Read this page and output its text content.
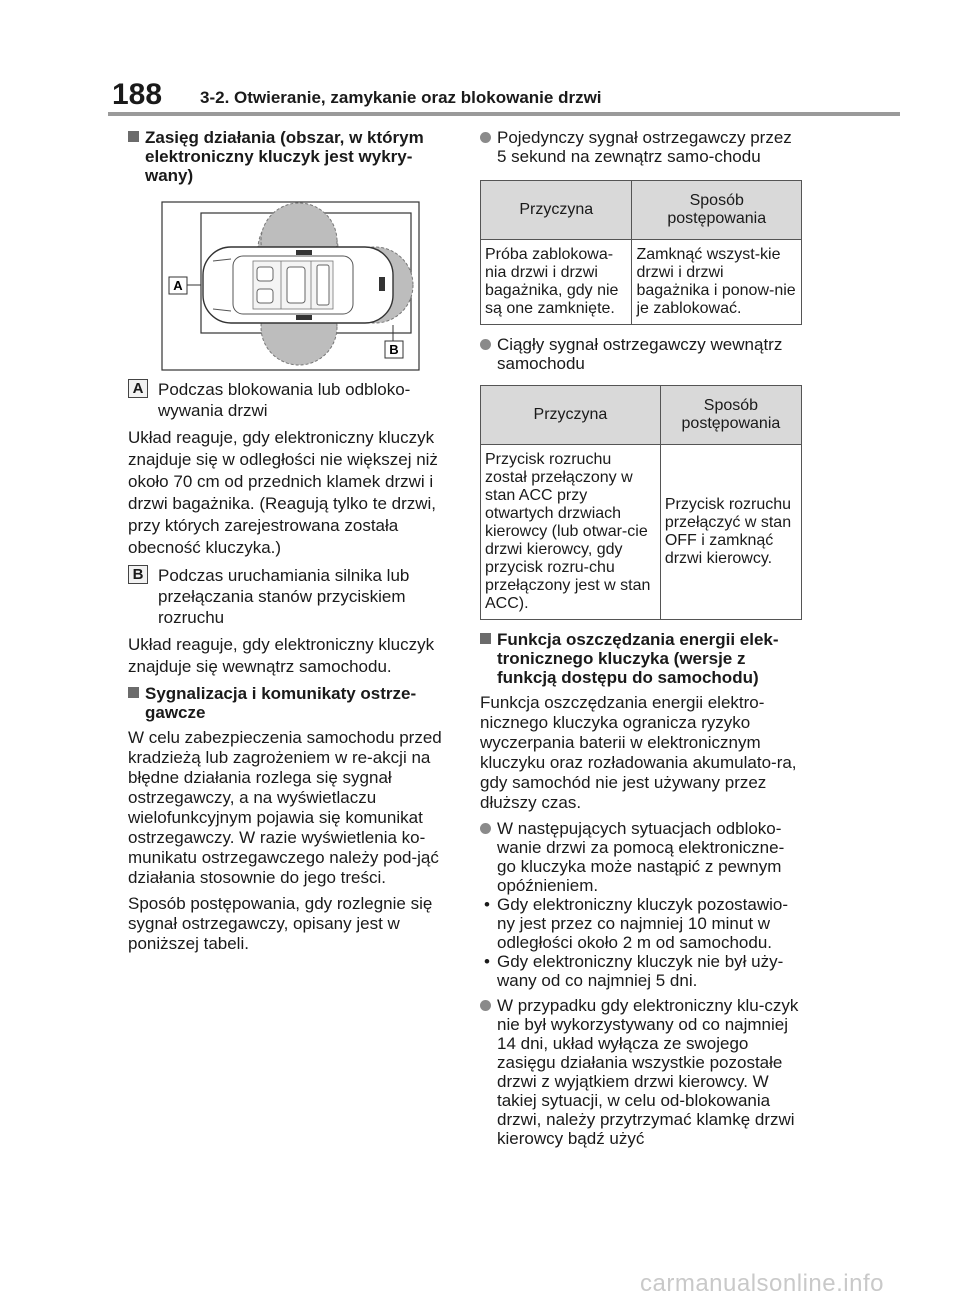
188 3-2. Otwieranie, zamykanie oraz blokowanie drzwi
Zasięg działania (obszar, w którym elektroniczny kluczyk jest wykry-wany)
A
B
A Podczas blokowania lub odbloko-wywania drzwi

Układ reaguje, gdy elektroniczny kluczyk znajduje się w odległości nie większej niż około 70 cm od przednich klamek drzwi i drzwi bagażnika. (Reagują tylko te drzwi, przy których zarejestrowana została obecność kluczyka.)

B Podczas uruchamiania silnika lub przełączania stanów przyciskiem rozruchu

Układ reaguje, gdy elektroniczny kluczyk znajduje się wewnątrz samochodu.

Sygnalizacja i komunikaty ostrze-gawcze

W celu zabezpieczenia samochodu przed kradzieżą lub zagrożeniem w re-akcji na błędne działania rozlega się sygnał ostrzegawczy, a na wyświetlaczu wielofunkcyjnym pojawia się komunikat ostrzegawczy. W razie wyświetlenia ko-munikatu ostrzegawczego należy pod-jąć działania stosownie do jego treści.

Sposób postępowania, gdy rozlegnie się sygnał ostrzegawczy, opisany jest w poniższej tabeli.

Pojedynczy sygnał ostrzegawczy przez 5 sekund na zewnątrz samo-chodu
Przyczyna	Sposób postępowania
Próba zablokowa-nia drzwi i drzwi bagażnika, gdy nie są one zamknięte.	Zamknąć wszyst-kie drzwi i drzwi bagażnika i ponow-nie je zablokować.
Ciągły sygnał ostrzegawczy wewnątrz samochodu
Przyczyna	Sposób postępowania
Przycisk rozruchu został przełączony w stan ACC przy otwartych drzwiach kierowcy (lub otwar-cie drzwi kierowcy, gdy przycisk rozru-chu przełączony jest w stan ACC).	Przycisk rozruchu przełączyć w stan OFF i zamknąć drzwi kierowcy.
Funkcja oszczędzania energii elek-tronicznego kluczyka (wersje z funkcją dostępu do samochodu)

Funkcja oszczędzania energii elektro-nicznego kluczyka ogranicza ryzyko wyczerpania baterii w elektronicznym kluczyku oraz rozładowania akumulato-ra, gdy samochód nie jest używany przez dłuższy czas.

W następujących sytuacjach odbloko-wanie drzwi za pomocą elektroniczne-go kluczyka może nastąpić z pewnym opóźnieniem.

• Gdy elektroniczny kluczyk pozostawio-ny jest przez co najmniej 10 minut w odległości około 2 m od samochodu.

• Gdy elektroniczny kluczyk nie był uży-wany od co najmniej 5 dni.

W przypadku gdy elektroniczny klu-czyk nie był wykorzystywany od co najmniej 14 dni, układ wyłącza ze swojego zasięgu działania wszystkie pozostałe drzwi z wyjątkiem drzwi kierowcy. W takiej sytuacji, w celu od-blokowania drzwi, należy przytrzymać klamkę drzwi kierowcy bądź użyć
carmanualsonline.info
